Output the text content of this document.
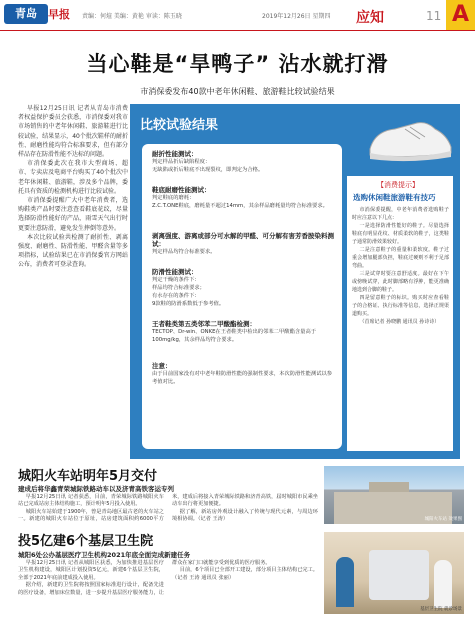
青岛	早报 责编：何煊 美编：黄艳 审读：陈玉晓	2019年12月26日 星期四 应知	11 A
当心鞋是“旱鸭子” 沾水就打滑
市消保委发布40款中老年休闲鞋、旅游鞋比较试验结果

早报12月25日讯 记者从青岛市消费者权益保护委员会获悉，市消保委对我市市场销售的中老年休闲鞋、旅游鞋进行比较试验，结果显示，40个批次鞋样的耐折性、耐磨性能均符合标准要求，但有部分样品存在防滑性能不达标的问题。

市消保委此次在我市大型商场、超市、专卖店及电商平台购买了40个批次中老年休闲鞋、旅游鞋，涉及多个品牌，委托具有资质的检测机构进行比较试验。

市消保委提醒广大中老年消费者，选购鞋类产品时要注意查看鞋底花纹，尽量选择防滑性能好的产品，雨雪天气出行时更要注意防滑，避免发生摔倒等意外。

本次比较试验共检测了耐折性、剥离强度、耐磨性、防滑性能、甲醛含量等多项指标，试验结果已在市消保委官方网站公布，消费者可登录查询。

比较试验结果
耐折性能测试：
判定样品折后缺陷程度：
无缺陷或折后鞋底不出现裂纹，即判定为合格。
鞋底耐磨性能测试：
判定鞋底的磨耗：
Z.C.T.ONE鞋底，磨耗量不超过14mm，其余样品磨耗量均符合标准要求。
剥离强度、游离或部分可水解的甲醛、可分解有害芳香胺染料测试：
判定样品均符合标准要求。
防滑性能测试：
判定干燥的条件下：
样品均符合标准要求；
有水存在的条件下：
9款鞋的防滑系数低于参考值。
王者鞋类第五类邻苯二甲酸酯检测：
TECTOP、Dr-win、ONKE在王者鞋类中检出的邻苯二甲酸酯含量高于100mg/kg，其余样品均符合要求。
注意：
由于目前国家没有对中老年鞋防滑性能的强制性要求，本次防滑性能测试以参考值对比。
【消费提示】
选购休闲鞋旅游鞋有技巧

市消保委提醒，中老年消费者选购鞋子时应注意以下几点：

一是选择防滑性能好的鞋子。尽量选择鞋底有明显花纹、材质柔软的鞋子，这类鞋子通常防滑效果较好。

二是注意鞋子的重量和柔软度。鞋子过重会增加腿部负担，鞋底过硬则不利于足部弯曲。

三是试穿时要注意舒适度。最好在下午或傍晚试穿，此时脚部略有浮肿，能更准确地选到合脚的鞋子。

四是留意鞋子的标识。购买时应查看鞋子的合格证、执行标准等信息，选择正规渠道购买。

（首席记者 孙晓鹏 通讯员 孙诗诗）

城阳火车站明年5月交付
建成后将华鑫青荣城际铁路动车以及济青高铁客运专列

早报12月25日讯 记者获悉，目前，青荣城际铁路城阳火车站已完成站房主体结构施工，预计明年5月投入使用。

城阳火车站始建于1900年，曾是青岛地区最古老的火车站之一。新建的城阳火车站位于原址，站房建筑面积约6000平方米，建成后将接入青荣城际铁路和济青高铁，届时城阳市民乘坐动车出行将更加便捷。

据了解，新站房外观设计融入了传统与现代元素，与周边环境相协调。（记者 王涛）	城阳火车站 效果图
投5亿建6个基层卫生院
城阳6处公办基层医疗卫生机构2021年底全面完成新建任务

早报12月25日讯 记者从城阳区获悉，为加快推进基层医疗卫生机构建设，城阳区计划投资5亿元，新建6个基层卫生院，全部于2021年底前建成投入使用。

据介绍，新建的卫生院将按照国家标准进行设计，配备先进的医疗设备，增加床位数量，进一步提升基层医疗服务能力，让群众在家门口就能享受到优质的医疗服务。

目前，6个项目已全部开工建设，部分项目主体结构已完工。（记者 王涛 通讯员 张丽）

基层卫生院 就诊场景
